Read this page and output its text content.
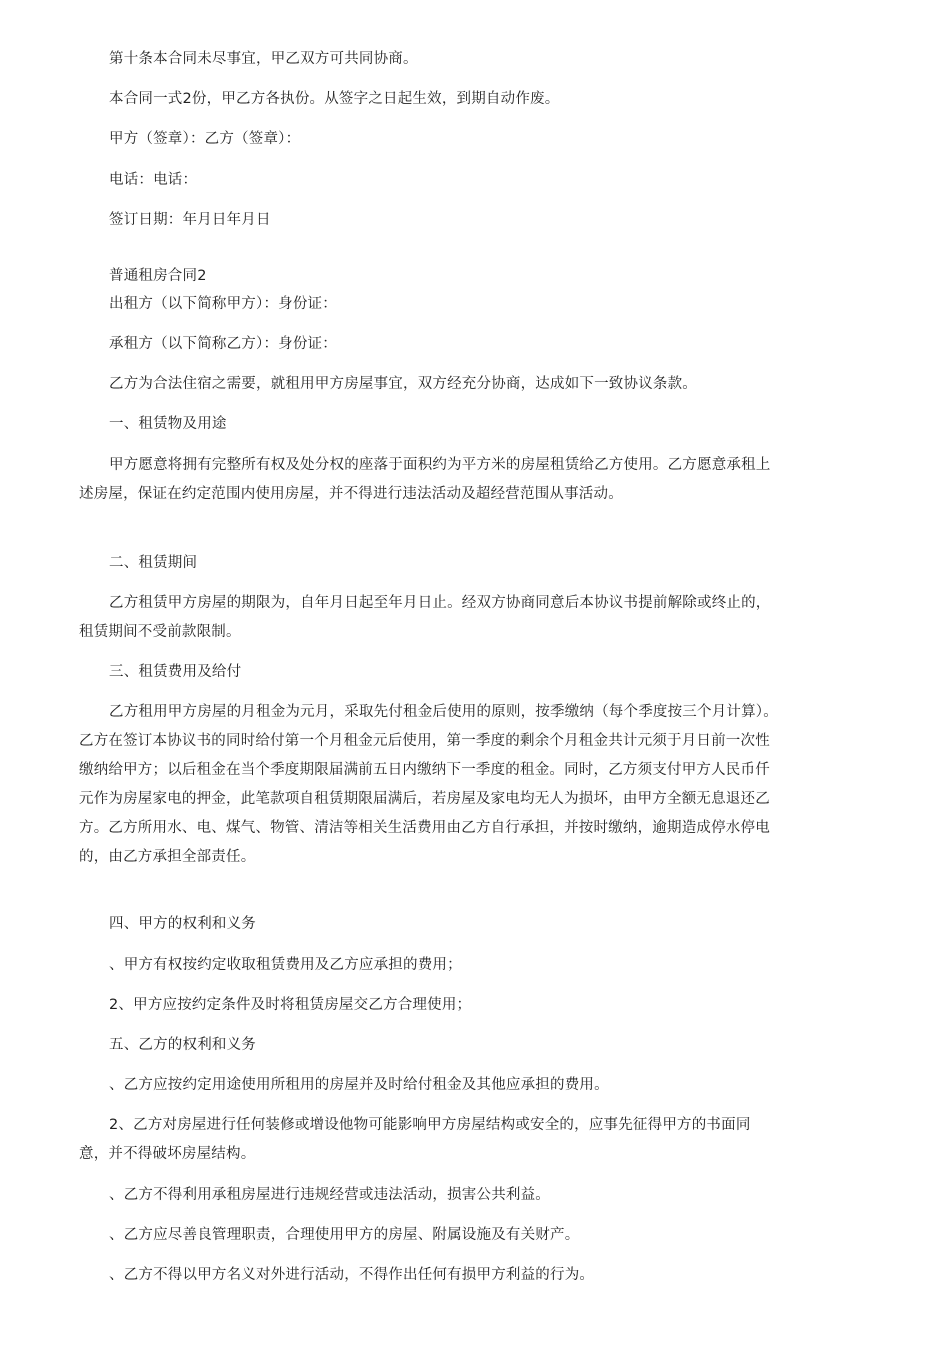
第十条本合同未尽事宜，甲乙双方可共同协商。
本合同一式2份，甲乙方各执份。从签字之日起生效，到期自动作废。
甲方（签章）：乙方（签章）：
电话：电话：
签订日期：年月日年月日
普通租房合同2
出租方（以下简称甲方）：身份证：
承租方（以下简称乙方）：身份证：
乙方为合法住宿之需要，就租用甲方房屋事宜，双方经充分协商，达成如下一致协议条款。
一、租赁物及用途
甲方愿意将拥有完整所有权及处分权的座落于面积约为平方米的房屋租赁给乙方使用。乙方愿意承租上述房屋，保证在约定范围内使用房屋，并不得进行违法活动及超经营范围从事活动。
二、租赁期间
乙方租赁甲方房屋的期限为，自年月日起至年月日止。经双方协商同意后本协议书提前解除或终止的，租赁期间不受前款限制。
三、租赁费用及给付
乙方租用甲方房屋的月租金为元月，采取先付租金后使用的原则，按季缴纳（每个季度按三个月计算）。乙方在签订本协议书的同时给付第一个月租金元后使用，第一季度的剩余个月租金共计元须于月日前一次性缴纳给甲方；以后租金在当个季度期限届满前五日内缴纳下一季度的租金。同时，乙方须支付甲方人民币仟元作为房屋家电的押金，此笔款项自租赁期限届满后，若房屋及家电均无人为损坏，由甲方全额无息退还乙方。乙方所用水、电、煤气、物管、清洁等相关生活费用由乙方自行承担，并按时缴纳，逾期造成停水停电的，由乙方承担全部责任。
四、甲方的权利和义务
、甲方有权按约定收取租赁费用及乙方应承担的费用；
2、甲方应按约定条件及时将租赁房屋交乙方合理使用；
五、乙方的权利和义务
、乙方应按约定用途使用所租用的房屋并及时给付租金及其他应承担的费用。
2、乙方对房屋进行任何装修或增设他物可能影响甲方房屋结构或安全的，应事先征得甲方的书面同意，并不得破坏房屋结构。
、乙方不得利用承租房屋进行违规经营或违法活动，损害公共利益。
、乙方应尽善良管理职责，合理使用甲方的房屋、附属设施及有关财产。
、乙方不得以甲方名义对外进行活动，不得作出任何有损甲方利益的行为。
